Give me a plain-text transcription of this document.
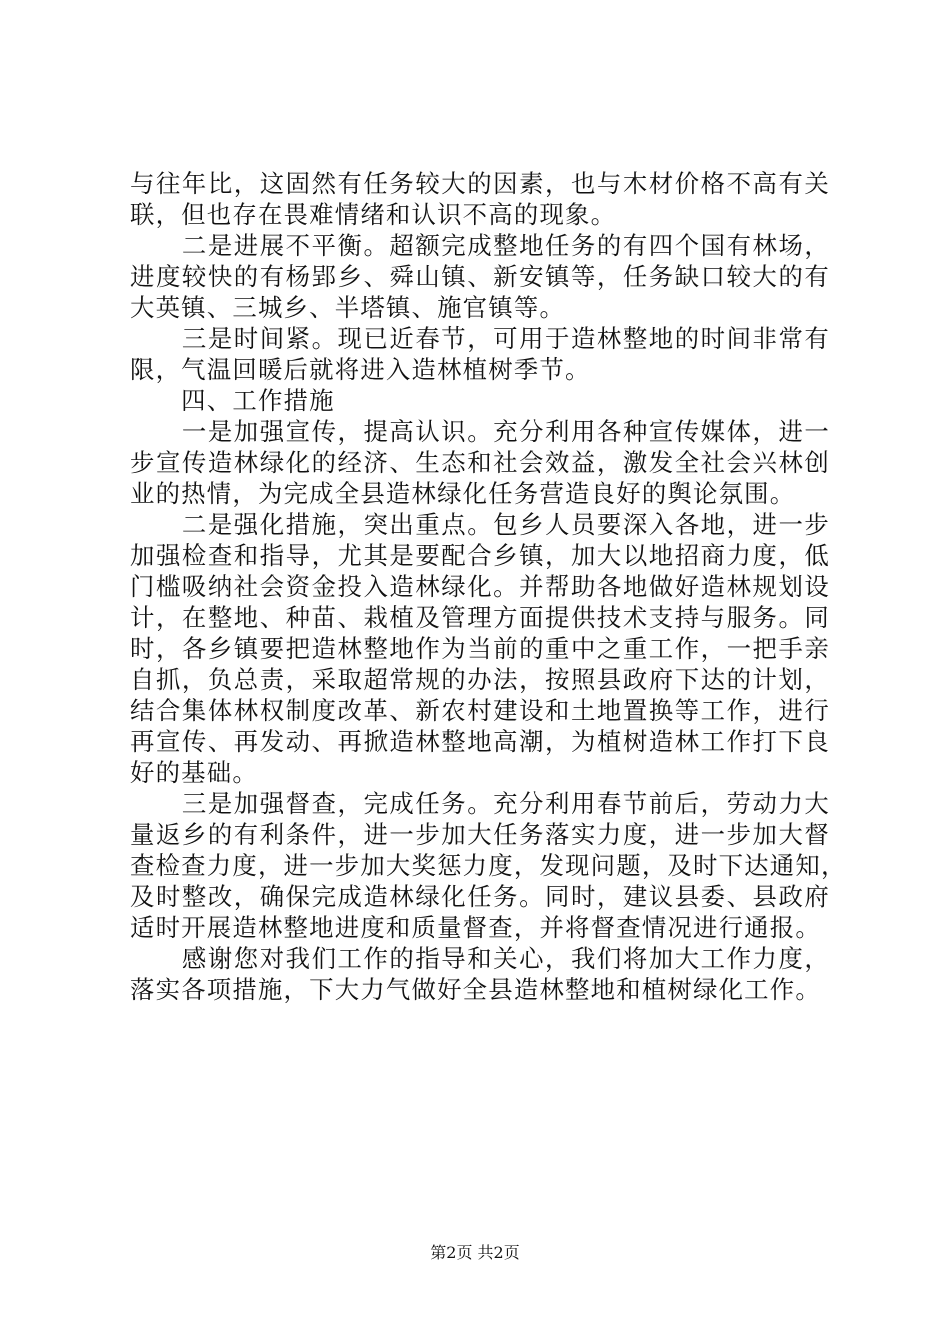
与往年比，这固然有任务较大的因素，也与木材价格不高有关
联，但也存在畏难情绪和认识不高的现象。
　　二是进展不平衡。超额完成整地任务的有四个国有林场，
进度较快的有杨郢乡、舜山镇、新安镇等，任务缺口较大的有
大英镇、三城乡、半塔镇、施官镇等。
　　三是时间紧。现已近春节，可用于造林整地的时间非常有
限，气温回暖后就将进入造林植树季节。
　　四、工作措施
　　一是加强宣传，提高认识。充分利用各种宣传媒体，进一
步宣传造林绿化的经济、生态和社会效益，激发全社会兴林创
业的热情，为完成全县造林绿化任务营造良好的舆论氛围。
　　二是强化措施，突出重点。包乡人员要深入各地，进一步
加强检查和指导，尤其是要配合乡镇，加大以地招商力度，低
门槛吸纳社会资金投入造林绿化。并帮助各地做好造林规划设
计，在整地、种苗、栽植及管理方面提供技术支持与服务。同
时，各乡镇要把造林整地作为当前的重中之重工作，一把手亲
自抓，负总责，采取超常规的办法，按照县政府下达的计划，
结合集体林权制度改革、新农村建设和土地置换等工作，进行
再宣传、再发动、再掀造林整地高潮，为植树造林工作打下良
好的基础。
　　三是加强督查，完成任务。充分利用春节前后，劳动力大
量返乡的有利条件，进一步加大任务落实力度，进一步加大督
查检查力度，进一步加大奖惩力度，发现问题，及时下达通知，
及时整改，确保完成造林绿化任务。同时，建议县委、县政府
适时开展造林整地进度和质量督查，并将督查情况进行通报。
　　感谢您对我们工作的指导和关心，我们将加大工作力度，
落实各项措施，下大力气做好全县造林整地和植树绿化工作。
第2页 共2页
